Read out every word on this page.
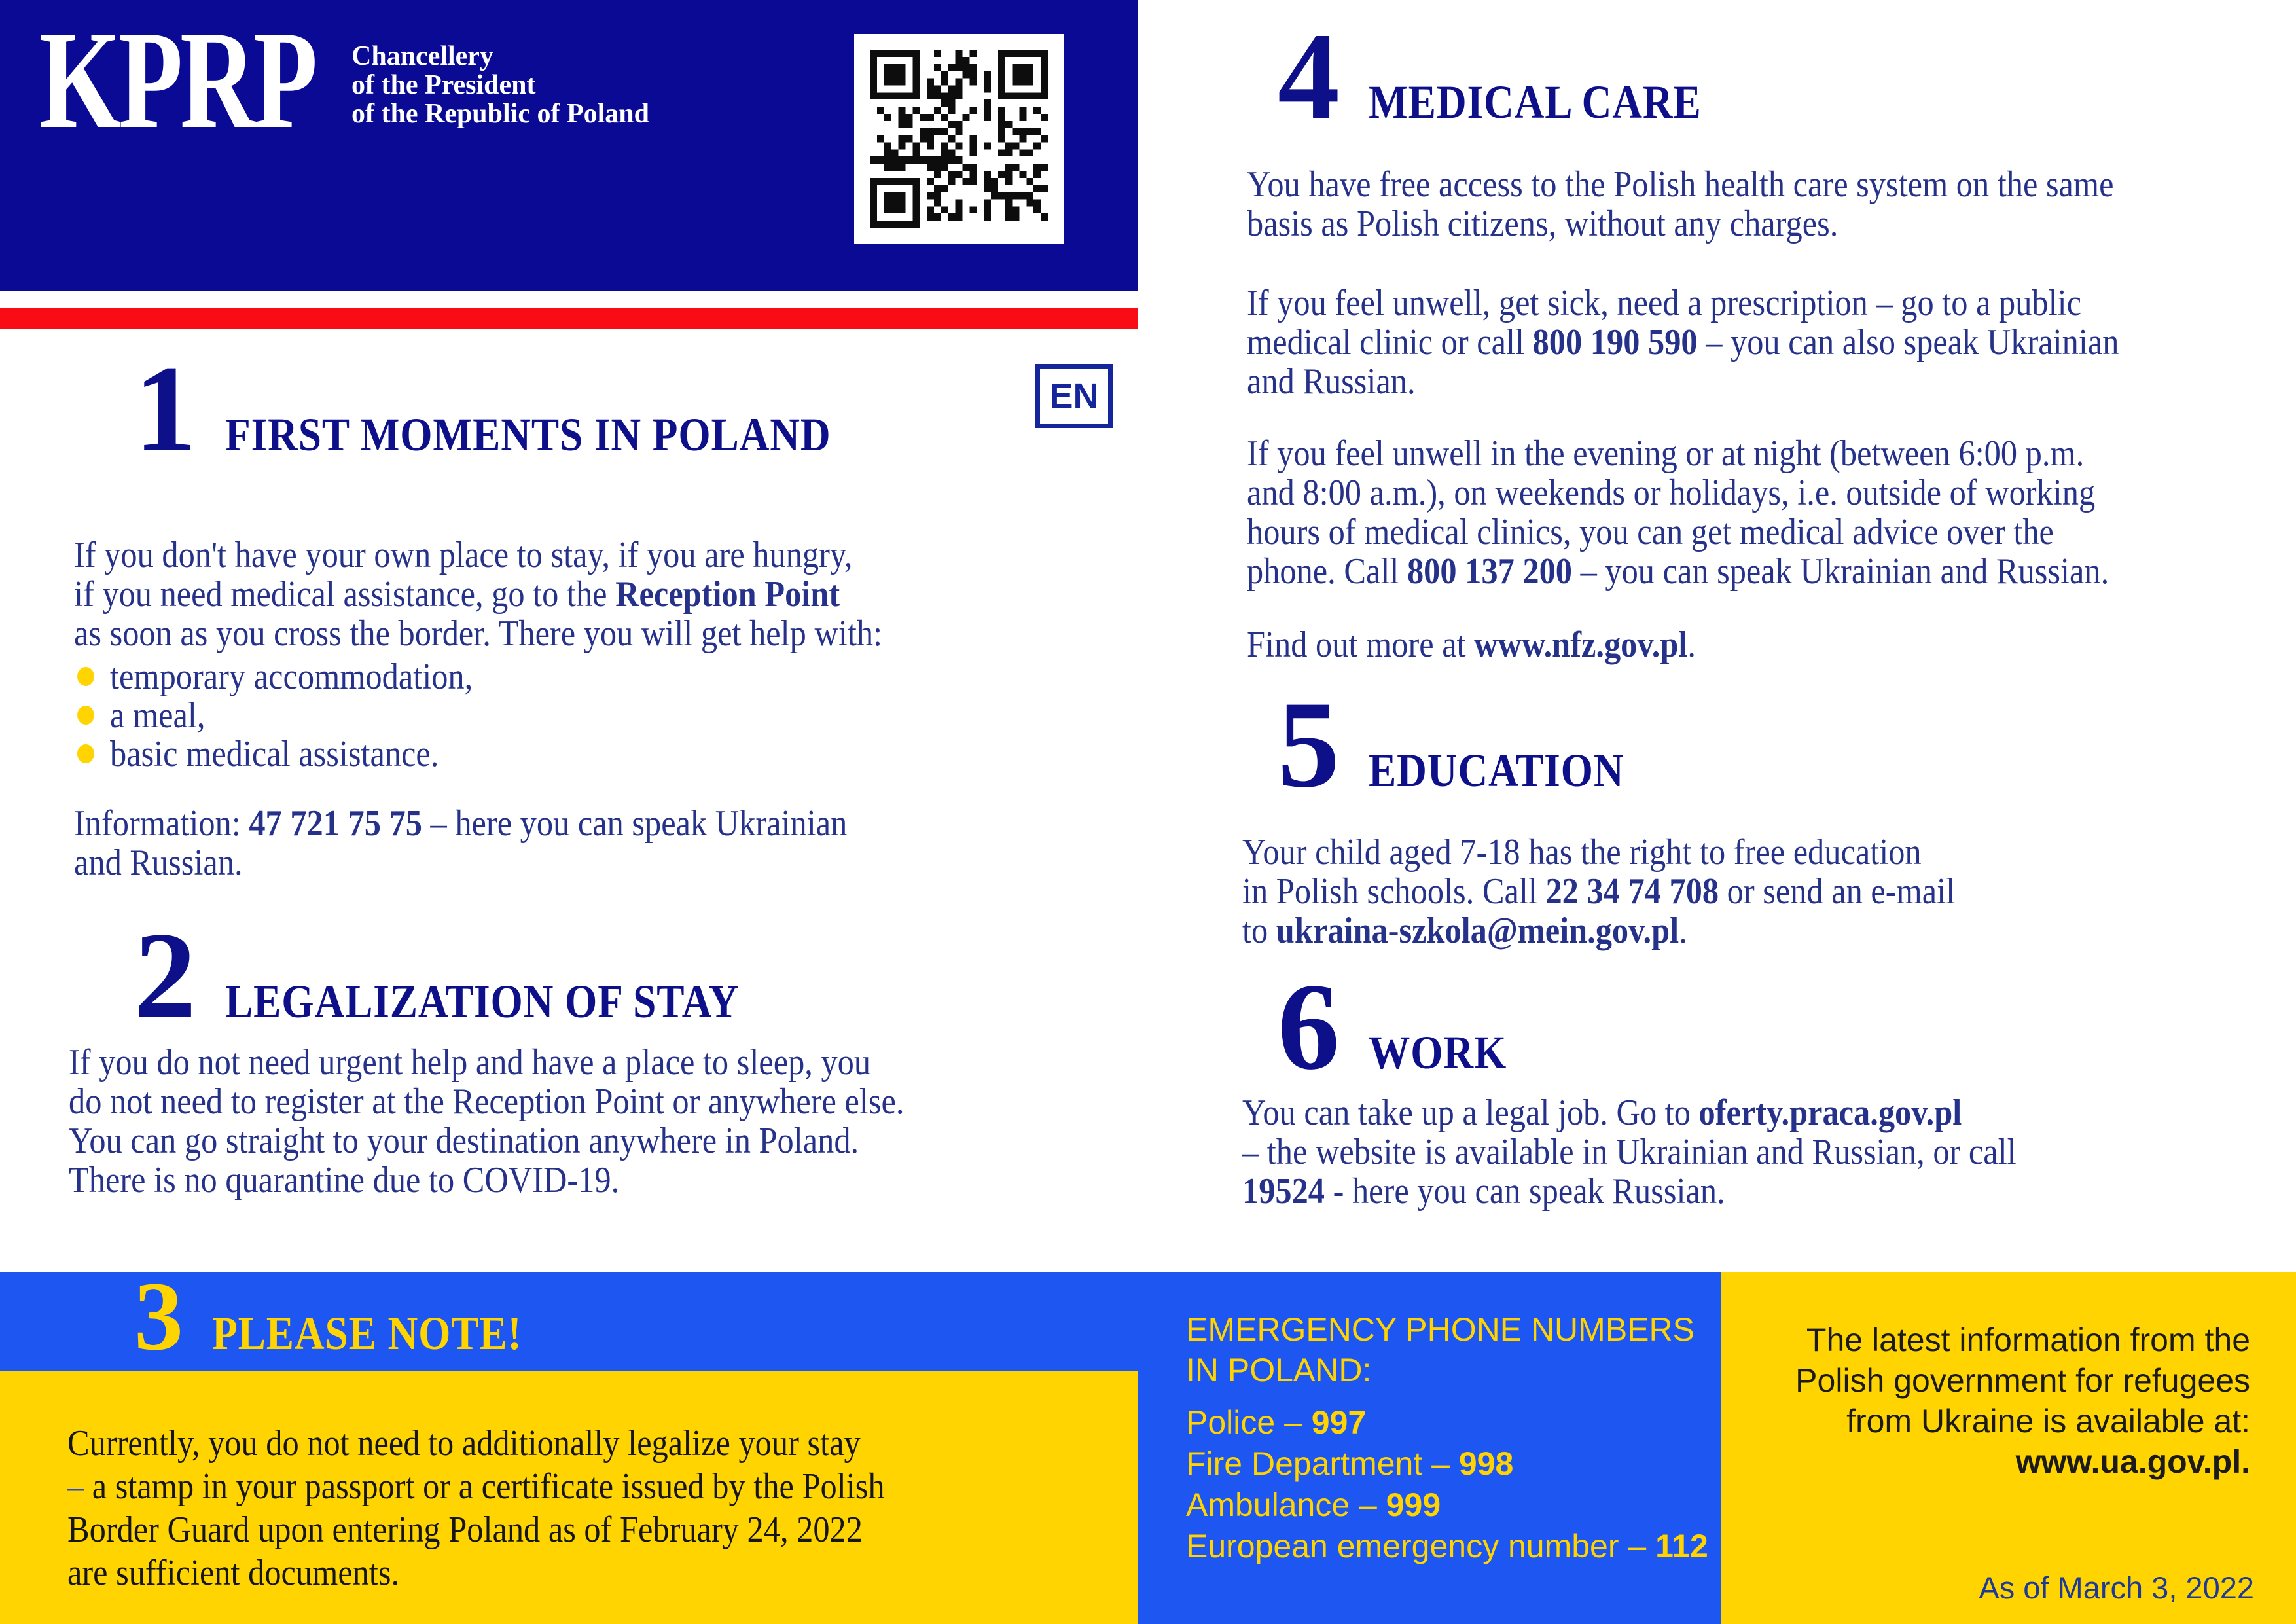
KPRP Chancellery
of the President
of the Republic of Poland
EN
1 FIRST MOMENTS IN POLAND
If you don't have your own place to stay, if you are hungry,
if you need medical assistance, go to the Reception Point
as soon as you cross the border. There you will get help with:
temporary accommodation,
a meal,
basic medical assistance.
Information: 47 721 75 75 – here you can speak Ukrainian
and Russian.
2 LEGALIZATION OF STAY
If you do not need urgent help and have a place to sleep, you
do not need to register at the Reception Point or anywhere else.
You can go straight to your destination anywhere in Poland.
There is no quarantine due to COVID-19.
3 PLEASE NOTE!
Currently, you do not need to additionally legalize your stay
– a stamp in your passport or a certificate issued by the Polish
Border Guard upon entering Poland as of February 24, 2022
are sufficient documents.
4 MEDICAL CARE
You have free access to the Polish health care system on the same
basis as Polish citizens, without any charges.
If you feel unwell, get sick, need a prescription – go to a public
medical clinic or call 800 190 590 – you can also speak Ukrainian
and Russian.
If you feel unwell in the evening or at night (between 6:00 p.m.
and 8:00 a.m.), on weekends or holidays, i.e. outside of working
hours of medical clinics, you can get medical advice over the
phone. Call 800 137 200 – you can speak Ukrainian and Russian.
Find out more at www.nfz.gov.pl.
5 EDUCATION
Your child aged 7-18 has the right to free education
in Polish schools. Call 22 34 74 708 or send an e-mail
to ukraina-szkola@mein.gov.pl.
6 WORK
You can take up a legal job. Go to oferty.praca.gov.pl
– the website is available in Ukrainian and Russian, or call
19524 - here you can speak Russian.
EMERGENCY PHONE NUMBERS
IN POLAND:
Police – 997
Fire Department – 998
Ambulance – 999
European emergency number – 112
The latest information from the
Polish government for refugees
from Ukraine is available at:
www.ua.gov.pl.
As of March 3, 2022
